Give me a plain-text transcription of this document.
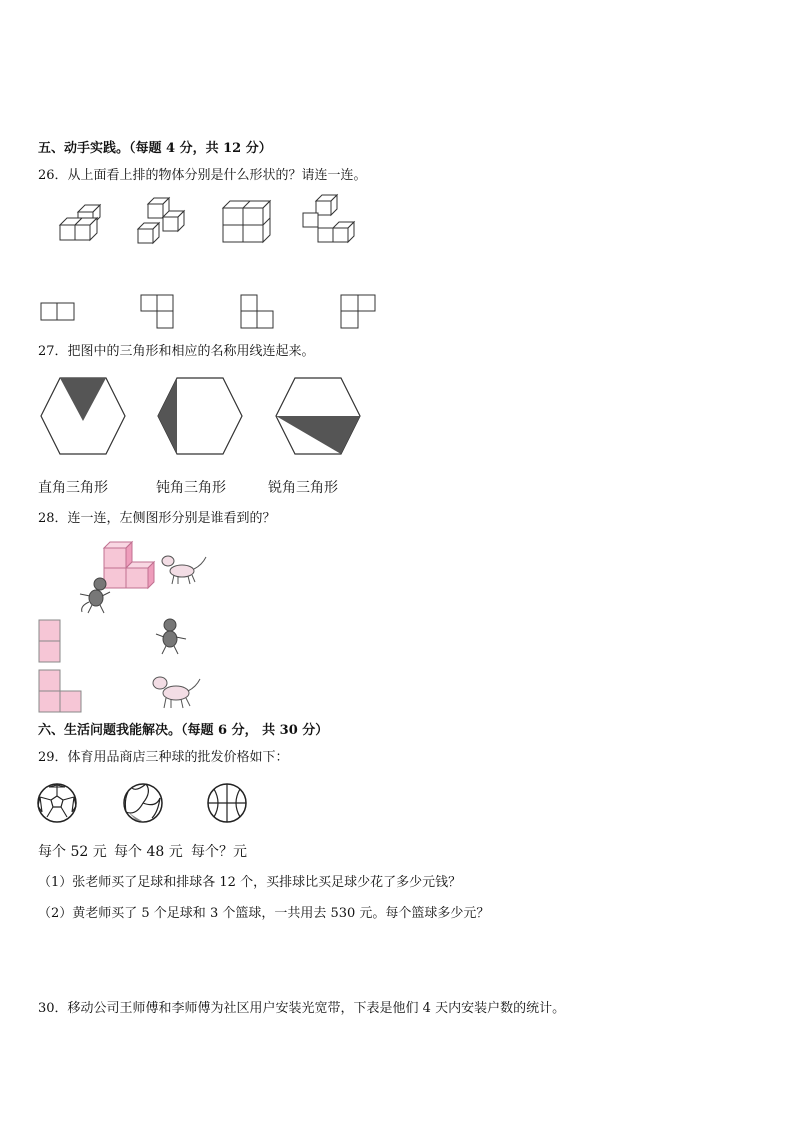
五、动手实践。（每题 4 分，共 12 分）
26．从上面看上排的物体分别是什么形状的？请连一连。
27．把图中的三角形和相应的名称用线连起来。
直角三角形	钝角三角形	锐角三角形
28．连一连，左侧图形分别是谁看到的？
六、生活问题我能解决。（每题 6 分， 共 30 分）
29．体育用品商店三种球的批发价格如下：
每个 52 元 每个 48 元 每个？元
（1）张老师买了足球和排球各 12 个，买排球比买足球少花了多少元钱？
（2）黄老师买了 5 个足球和 3 个篮球，一共用去 530 元。每个篮球多少元？
30．移动公司王师傅和李师傅为社区用户安装光宽带，下表是他们 4 天内安装户数的统计。
